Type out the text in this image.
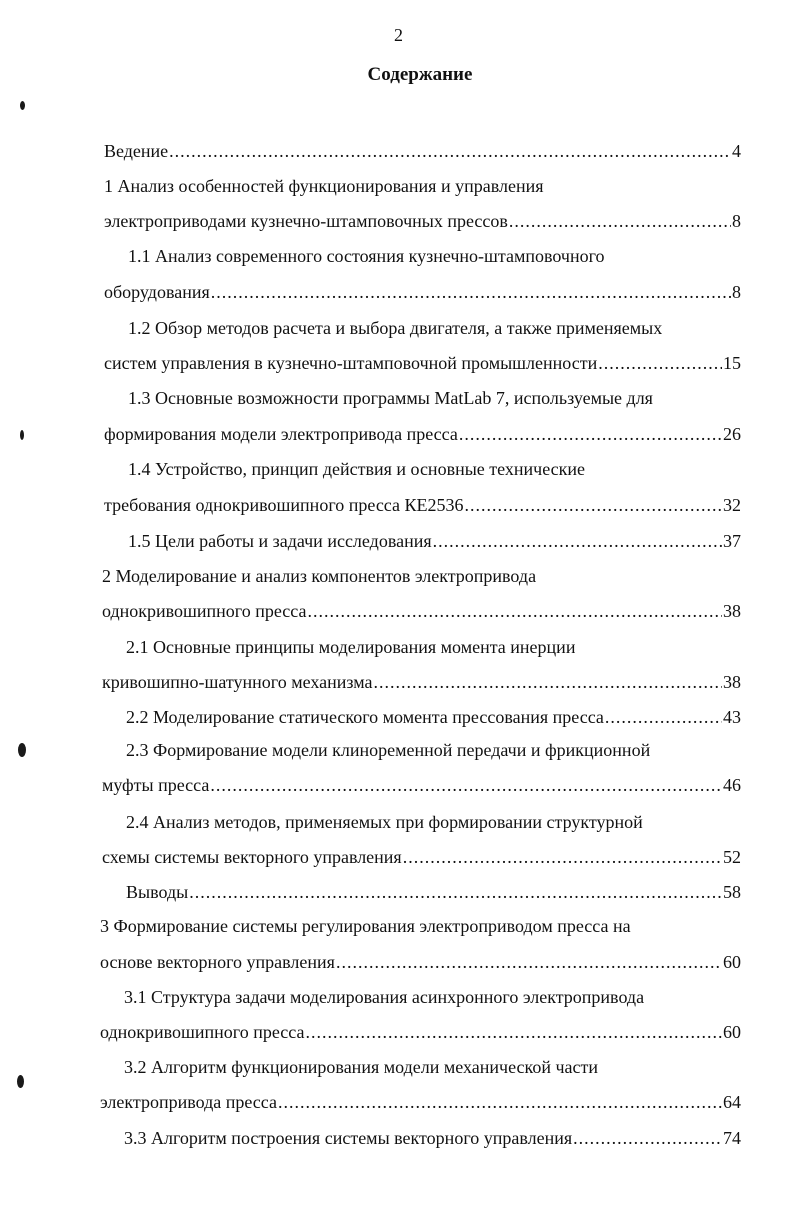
2
Содержание
Ведение .....	4
1 Анализ особенностей функционирования и управления
электроприводами кузнечно-штамповочных прессов .....	8
1.1 Анализ современного состояния кузнечно-штамповочного
оборудования .....	8
1.2 Обзор методов расчета и выбора двигателя, а также применяемых
систем управления в кузнечно-штамповочной промышленности .....	15
1.3 Основные возможности программы MatLab 7, используемые для
формирования модели электропривода пресса .....	26
1.4 Устройство, принцип действия и основные технические
требования однокривошипного пресса КЕ2536 .....	32
1.5 Цели работы и задачи исследования .....	37
2 Моделирование и анализ компонентов электропривода
однокривошипного пресса .....	38
2.1 Основные принципы моделирования момента инерции
кривошипно-шатунного механизма .....	38
2.2 Моделирование статического момента прессования пресса .....	43
2.3 Формирование модели клиноременной передачи и фрикционной
муфты пресса .....	46
2.4 Анализ методов, применяемых при формировании структурной
схемы системы векторного управления .....	52
Выводы .....	58
3 Формирование системы регулирования электроприводом пресса на
основе векторного управления .....	60
3.1 Структура задачи моделирования асинхронного электропривода
однокривошипного пресса .....	60
3.2 Алгоритм функционирования модели механической части
электропривода пресса .....	64
3.3 Алгоритм построения системы векторного управления .....	74
